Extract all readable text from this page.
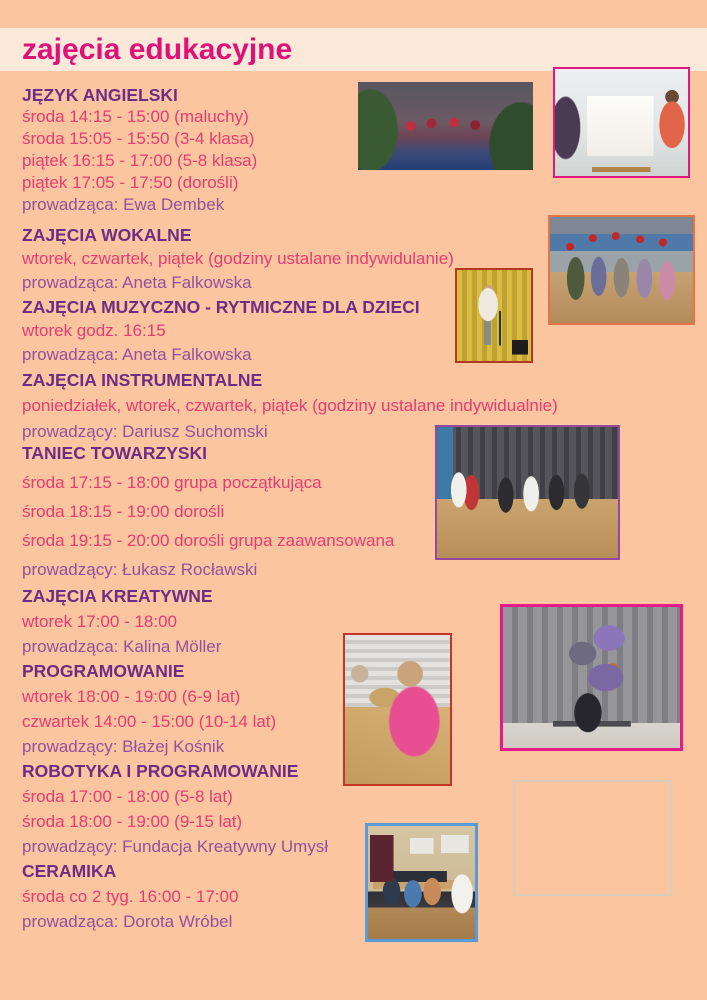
zajęcia edukacyjne
JĘZYK ANGIELSKI
środa 14:15 - 15:00 (maluchy)
środa 15:05 - 15:50 (3-4 klasa)
piątek 16:15 - 17:00 (5-8 klasa)
piątek 17:05 - 17:50 (dorośli)
prowadząca: Ewa Dembek
ZAJĘCIA WOKALNE
wtorek, czwartek, piątek (godziny ustalane indywidulanie)
prowadząca: Aneta Falkowska
ZAJĘCIA MUZYCZNO - RYTMICZNE DLA DZIECI
wtorek godz. 16:15
prowadząca: Aneta Falkowska
ZAJĘCIA INSTRUMENTALNE
poniedziałek, wtorek, czwartek, piątek (godziny ustalane indywidualnie)
prowadzący: Dariusz Suchomski
TANIEC TOWARZYSKI
środa 17:15 - 18:00 grupa początkująca
środa 18:15 - 19:00 dorośli
środa 19:15 - 20:00 dorośli grupa zaawansowana
prowadzący: Łukasz Rocławski
ZAJĘCIA KREATYWNE
wtorek 17:00 - 18:00
prowadząca: Kalina Möller
PROGRAMOWANIE
wtorek 18:00 - 19:00 (6-9 lat)
czwartek 14:00 - 15:00 (10-14 lat)
prowadzący: Błażej Kośnik
ROBOTYKA I PROGRAMOWANIE
środa 17:00 - 18:00 (5-8 lat)
środa 18:00 - 19:00 (9-15 lat)
prowadzący: Fundacja Kreatywny Umysł
CERAMIKA
środa co 2 tyg. 16:00 - 17:00
prowadząca: Dorota Wróbel
